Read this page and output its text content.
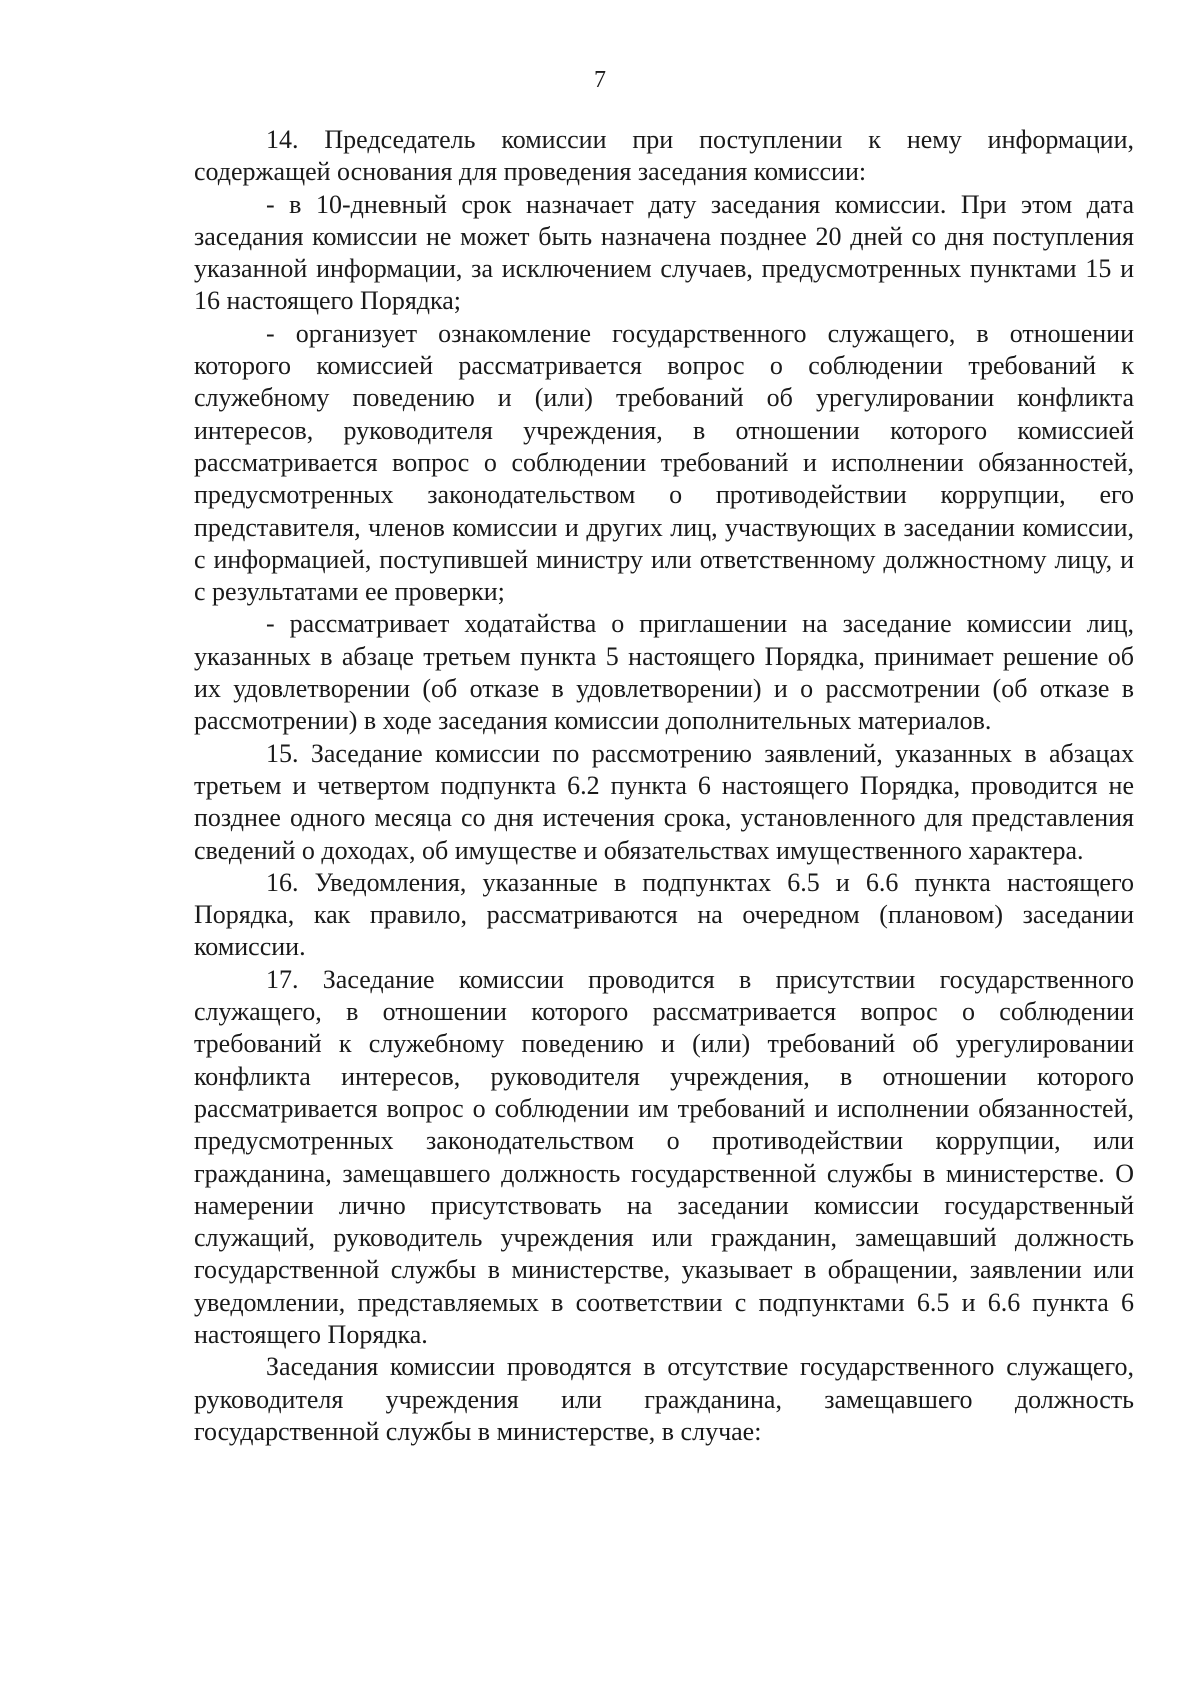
7

14. Председатель комиссии при поступлении к нему информации, содержащей основания для проведения заседания комиссии:

- в 10-дневный срок назначает дату заседания комиссии. При этом дата заседания комиссии не может быть назначена позднее 20 дней со дня поступления указанной информации, за исключением случаев, предусмотренных пунктами 15 и 16 настоящего Порядка;

- организует ознакомление государственного служащего, в отношении которого комиссией рассматривается вопрос о соблюдении требований к служебному поведению и (или) требований об урегулировании конфликта интересов, руководителя учреждения, в отношении которого комиссией рассматривается вопрос о соблюдении требований и исполнении обязанностей, предусмотренных законодательством о противодействии коррупции, его представителя, членов комиссии и других лиц, участвующих в заседании комиссии, с информацией, поступившей министру или ответственному должностному лицу, и с результатами ее проверки;

- рассматривает ходатайства о приглашении на заседание комиссии лиц, указанных в абзаце третьем пункта 5 настоящего Порядка, принимает решение об их удовлетворении (об отказе в удовлетворении) и о рассмотрении (об отказе в рассмотрении) в ходе заседания комиссии дополнительных материалов.

15. Заседание комиссии по рассмотрению заявлений, указанных в абзацах третьем и четвертом подпункта 6.2 пункта 6 настоящего Порядка, проводится не позднее одного месяца со дня истечения срока, установленного для представления сведений о доходах, об имуществе и обязательствах имущественного характера.

16. Уведомления, указанные в подпунктах 6.5 и 6.6 пункта настоящего Порядка, как правило, рассматриваются на очередном (плановом) заседании комиссии.

17. Заседание комиссии проводится в присутствии государственного служащего, в отношении которого рассматривается вопрос о соблюдении требований к служебному поведению и (или) требований об урегулировании конфликта интересов, руководителя учреждения, в отношении которого рассматривается вопрос о соблюдении им требований и исполнении обязанностей, предусмотренных законодательством о противодействии коррупции, или гражданина, замещавшего должность государственной службы в министерстве. О намерении лично присутствовать на заседании комиссии государственный служащий, руководитель учреждения или гражданин, замещавший должность государственной службы в министерстве, указывает в обращении, заявлении или уведомлении, представляемых в соответствии с подпунктами 6.5 и 6.6 пункта 6 настоящего Порядка.

Заседания комиссии проводятся в отсутствие государственного служащего, руководителя учреждения или гражданина, замещавшего должность государственной службы в министерстве, в случае:
